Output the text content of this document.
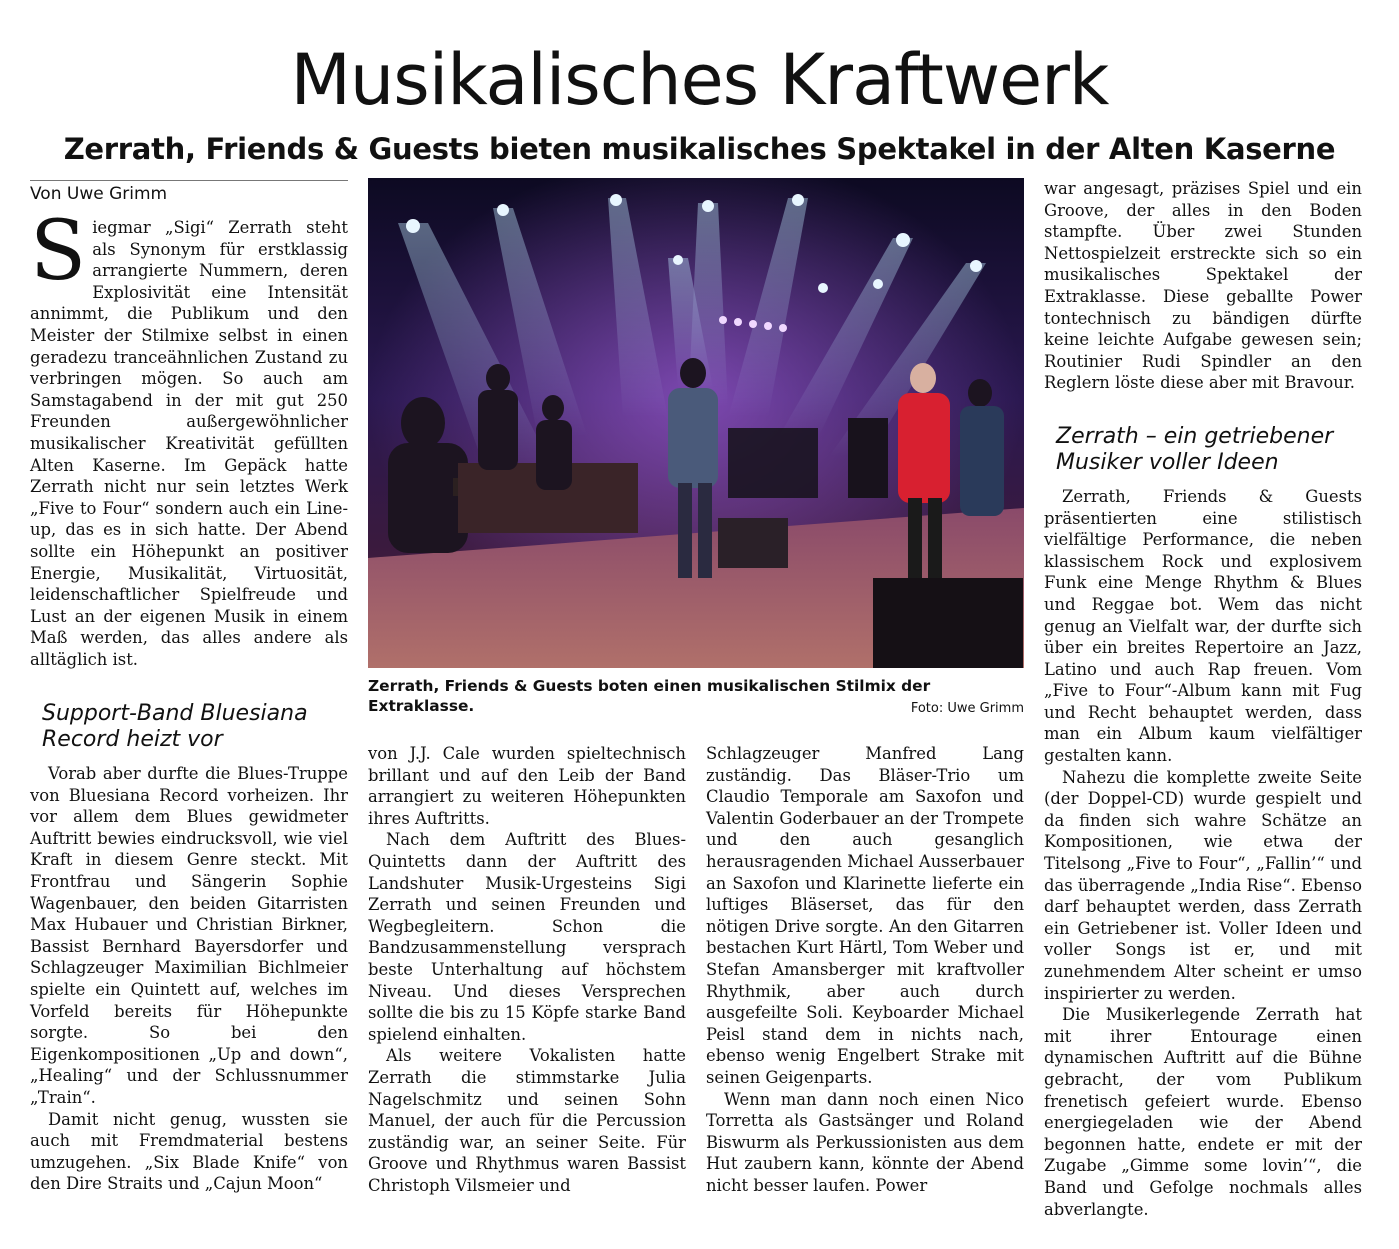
Musikalisches Kraftwerk
Zerrath, Friends & Guests bieten musikalisches Spektakel in der Alten Kaserne
Von Uwe Grimm

Siegmar „Sigi“ Zerrath steht als Synonym für erstklassig arrangierte Nummern, deren Explosivität eine Intensität annimmt, die Publikum und den Meister der Stilmixe selbst in einen geradezu tranceähnlichen Zustand zu verbringen mögen. So auch am Samstagabend in der mit gut 250 Freunden außergewöhnlicher musikalischer Kreativität gefüllten Alten Kaserne. Im Gepäck hatte Zerrath nicht nur sein letztes Werk „Five to Four“ sondern auch ein Line-up, das es in sich hatte. Der Abend sollte ein Höhepunkt an positiver Energie, Musikalität, Virtuosität, leidenschaftlicher Spielfreude und Lust an der eigenen Musik in einem Maß werden, das alles andere als alltäglich ist.

Support-Band Bluesiana Record heizt vor

Vorab aber durfte die Blues-Truppe von Bluesiana Record vorheizen. Ihr vor allem dem Blues gewidmeter Auftritt bewies eindrucksvoll, wie viel Kraft in diesem Genre steckt. Mit Frontfrau und Sängerin Sophie Wagenbauer, den beiden Gitarristen Max Hubauer und Christian Birkner, Bassist Bernhard Bayersdorfer und Schlagzeuger Maximilian Bichlmeier spielte ein Quintett auf, welches im Vorfeld bereits für Höhepunkte sorgte. So bei den Eigenkompositionen „Up and down“, „Healing“ und der Schlussnummer „Train“.

Damit nicht genug, wussten sie auch mit Fremdmaterial bestens umzugehen. „Six Blade Knife“ von den Dire Straits und „Cajun Moon“

Zerrath, Friends & Guests boten einen musikalischen Stilmix der Extraklasse.	Foto: Uwe Grimm

von J.J. Cale wurden spieltechnisch brillant und auf den Leib der Band arrangiert zu weiteren Höhepunkten ihres Auftritts.

Nach dem Auftritt des Blues-Quintetts dann der Auftritt des Landshuter Musik-Urgesteins Sigi Zerrath und seinen Freunden und Wegbegleitern. Schon die Bandzusammenstellung versprach beste Unterhaltung auf höchstem Niveau. Und dieses Versprechen sollte die bis zu 15 Köpfe starke Band spielend einhalten.

Als weitere Vokalisten hatte Zerrath die stimmstarke Julia Nagelschmitz und seinen Sohn Manuel, der auch für die Percussion zuständig war, an seiner Seite. Für Groove und Rhythmus waren Bassist Christoph Vilsmeier und

Schlagzeuger Manfred Lang zuständig. Das Bläser-Trio um Claudio Temporale am Saxofon und Valentin Goderbauer an der Trompete und den auch gesanglich herausragenden Michael Ausserbauer an Saxofon und Klarinette lieferte ein luftiges Bläserset, das für den nötigen Drive sorgte. An den Gitarren bestachen Kurt Härtl, Tom Weber und Stefan Amansberger mit kraftvoller Rhythmik, aber auch durch ausgefeilte Soli. Keyboarder Michael Peisl stand dem in nichts nach, ebenso wenig Engelbert Strake mit seinen Geigenparts.

Wenn man dann noch einen Nico Torretta als Gastsänger und Roland Biswurm als Perkussionisten aus dem Hut zaubern kann, könnte der Abend nicht besser laufen. Power

war angesagt, präzises Spiel und ein Groove, der alles in den Boden stampfte. Über zwei Stunden Nettospielzeit erstreckte sich so ein musikalisches Spektakel der Extraklasse. Diese geballte Power tontechnisch zu bändigen dürfte keine leichte Aufgabe gewesen sein; Routinier Rudi Spindler an den Reglern löste diese aber mit Bravour.

Zerrath – ein getriebener Musiker voller Ideen

Zerrath, Friends & Guests präsentierten eine stilistisch vielfältige Performance, die neben klassischem Rock und explosivem Funk eine Menge Rhythm & Blues und Reggae bot. Wem das nicht genug an Vielfalt war, der durfte sich über ein breites Repertoire an Jazz, Latino und auch Rap freuen. Vom „Five to Four“-Album kann mit Fug und Recht behauptet werden, dass man ein Album kaum vielfältiger gestalten kann.

Nahezu die komplette zweite Seite (der Doppel-CD) wurde gespielt und da finden sich wahre Schätze an Kompositionen, wie etwa der Titelsong „Five to Four“, „Fallin’“ und das überragende „India Rise“. Ebenso darf behauptet werden, dass Zerrath ein Getriebener ist. Voller Ideen und voller Songs ist er, und mit zunehmendem Alter scheint er umso inspirierter zu werden.

Die Musikerlegende Zerrath hat mit ihrer Entourage einen dynamischen Auftritt auf die Bühne gebracht, der vom Publikum frenetisch gefeiert wurde. Ebenso energiegeladen wie der Abend begonnen hatte, endete er mit der Zugabe „Gimme some lovin’“, die Band und Gefolge nochmals alles abverlangte.
